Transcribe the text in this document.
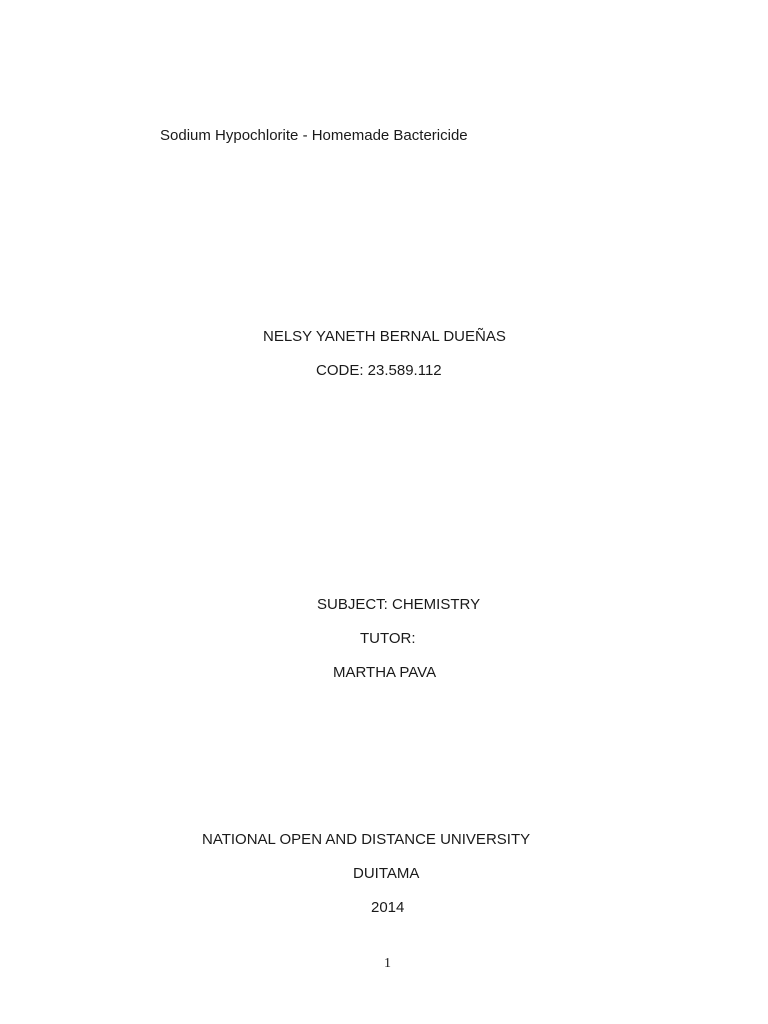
Sodium Hypochlorite - Homemade Bactericide
NELSY YANETH BERNAL DUEÑAS
CODE: 23.589.112
SUBJECT: CHEMISTRY
TUTOR:
MARTHA PAVA
NATIONAL OPEN AND DISTANCE UNIVERSITY
DUITAMA
2014
1
